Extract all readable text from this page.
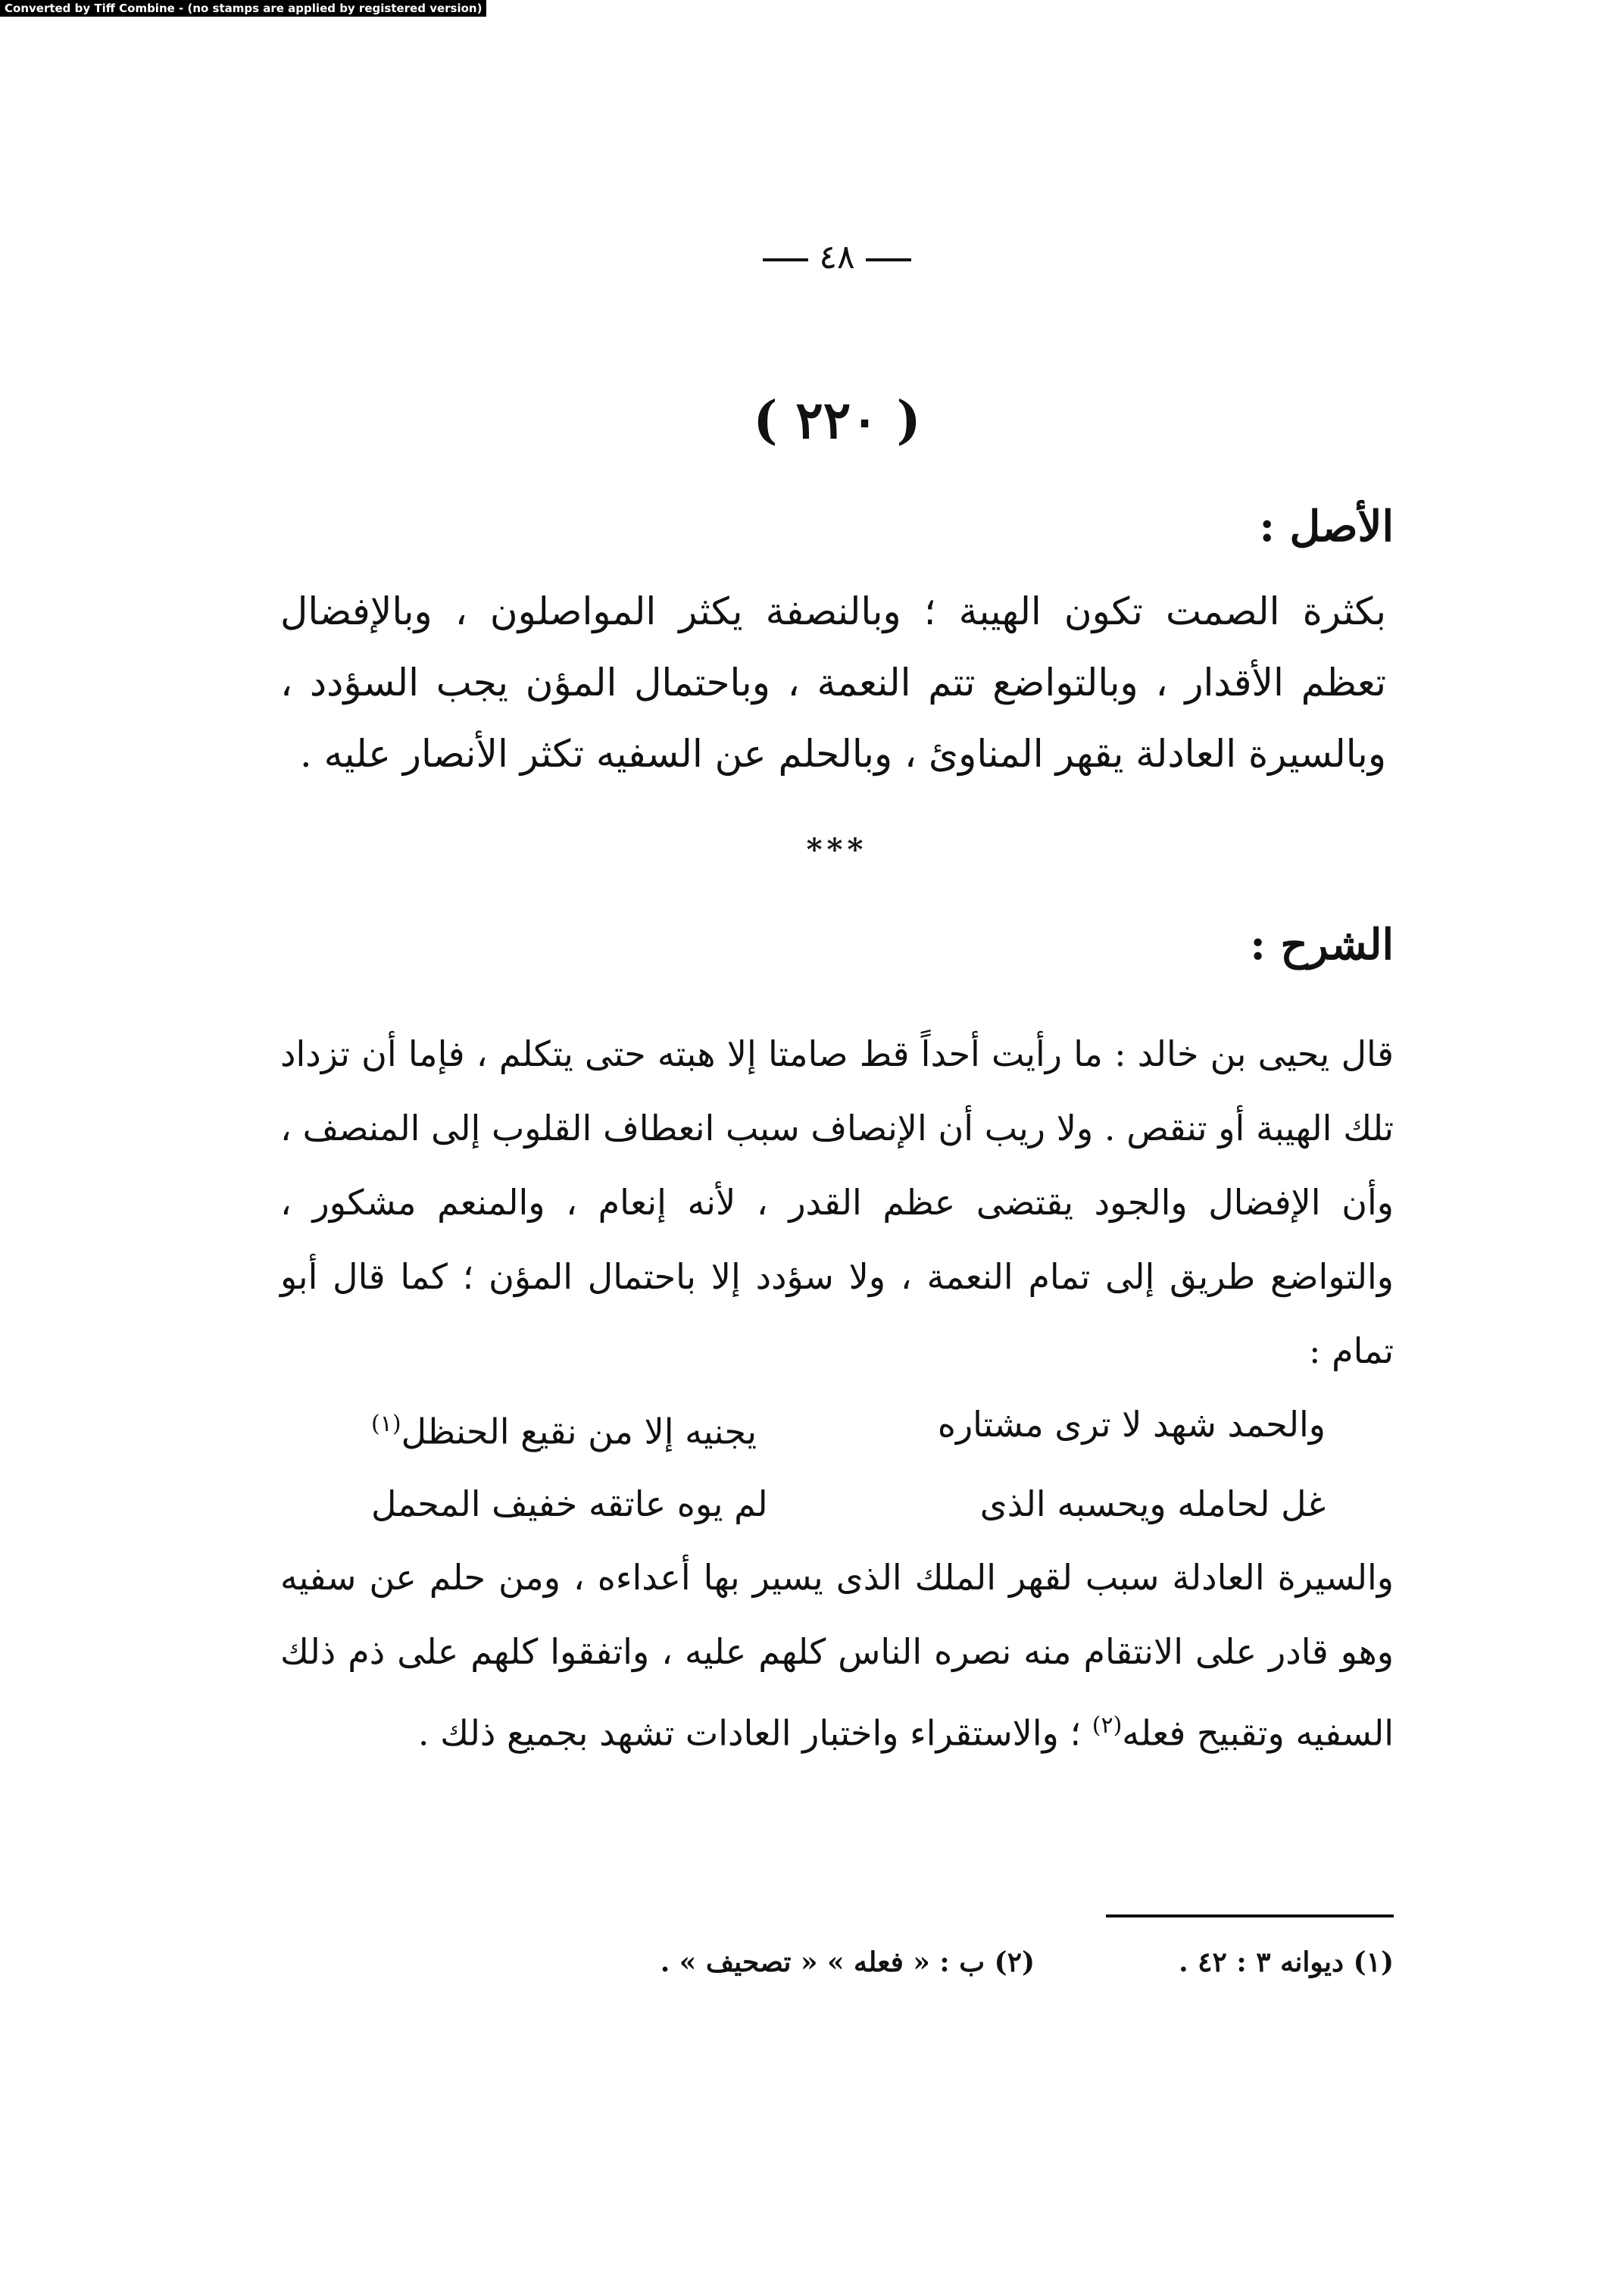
Converted by Tiff Combine - (no stamps are applied by registered version)
٤٨
( ٢٢٠ )
الأصل :
بكثرة الصمت تكون الهيبة ؛ وبالنصفة يكثر المواصلون ، وبالإفضال تعظم الأقدار ، وبالتواضع تتم النعمة ، وباحتمال المؤن يجب السؤدد ، وبالسيرة العادلة يقهر المناوئ ، وبالحلم عن السفيه تكثر الأنصار عليه .
***
الشرح :
قال يحيى بن خالد : ما رأيت أحداً قط صامتا إلا هبته حتى يتكلم ، فإما أن تزداد تلك الهيبة أو تنقص . ولا ريب أن الإنصاف سبب انعطاف القلوب إلى المنصف ، وأن الإفضال والجود يقتضى عظم القدر ، لأنه إنعام ، والمنعم مشكور ، والتواضع طريق إلى تمام النعمة ، ولا سؤدد إلا باحتمال المؤن ؛ كما قال أبو تمام :
والحمد شهد لا ترى مشتاره
يجنيه إلا من نقيع الحنظل$^{(١)}$
غل لحامله ويحسبه الذى
لم يوه عاتقه خفيف المحمل
والسيرة العادلة سبب لقهر الملك الذى يسير بها أعداءه ، ومن حلم عن سفيه وهو قادر على الانتقام منه نصره الناس كلهم عليه ، واتفقوا كلهم على ذم ذلك السفيه وتقبيح فعله$^{(٢)}$ ؛ والاستقراء واختبار العادات تشهد بجميع ذلك .
(١) ديوانه ٣ : ٤٢ .
(٢) ب : « فعله » « تصحيف » .
